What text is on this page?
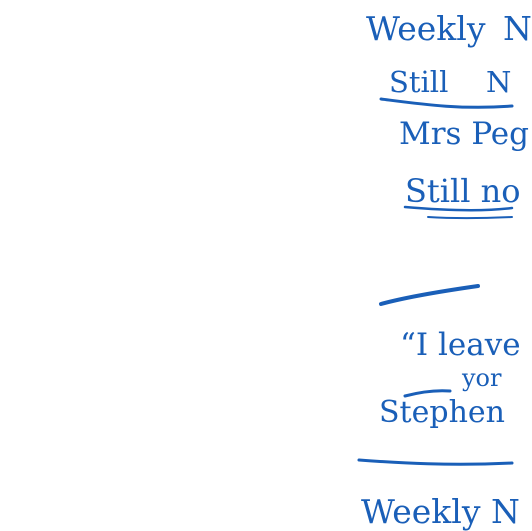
Weekly N
Still N
Mrs Peg
Still no
“I leave
yor
Stephen
Weekly N
